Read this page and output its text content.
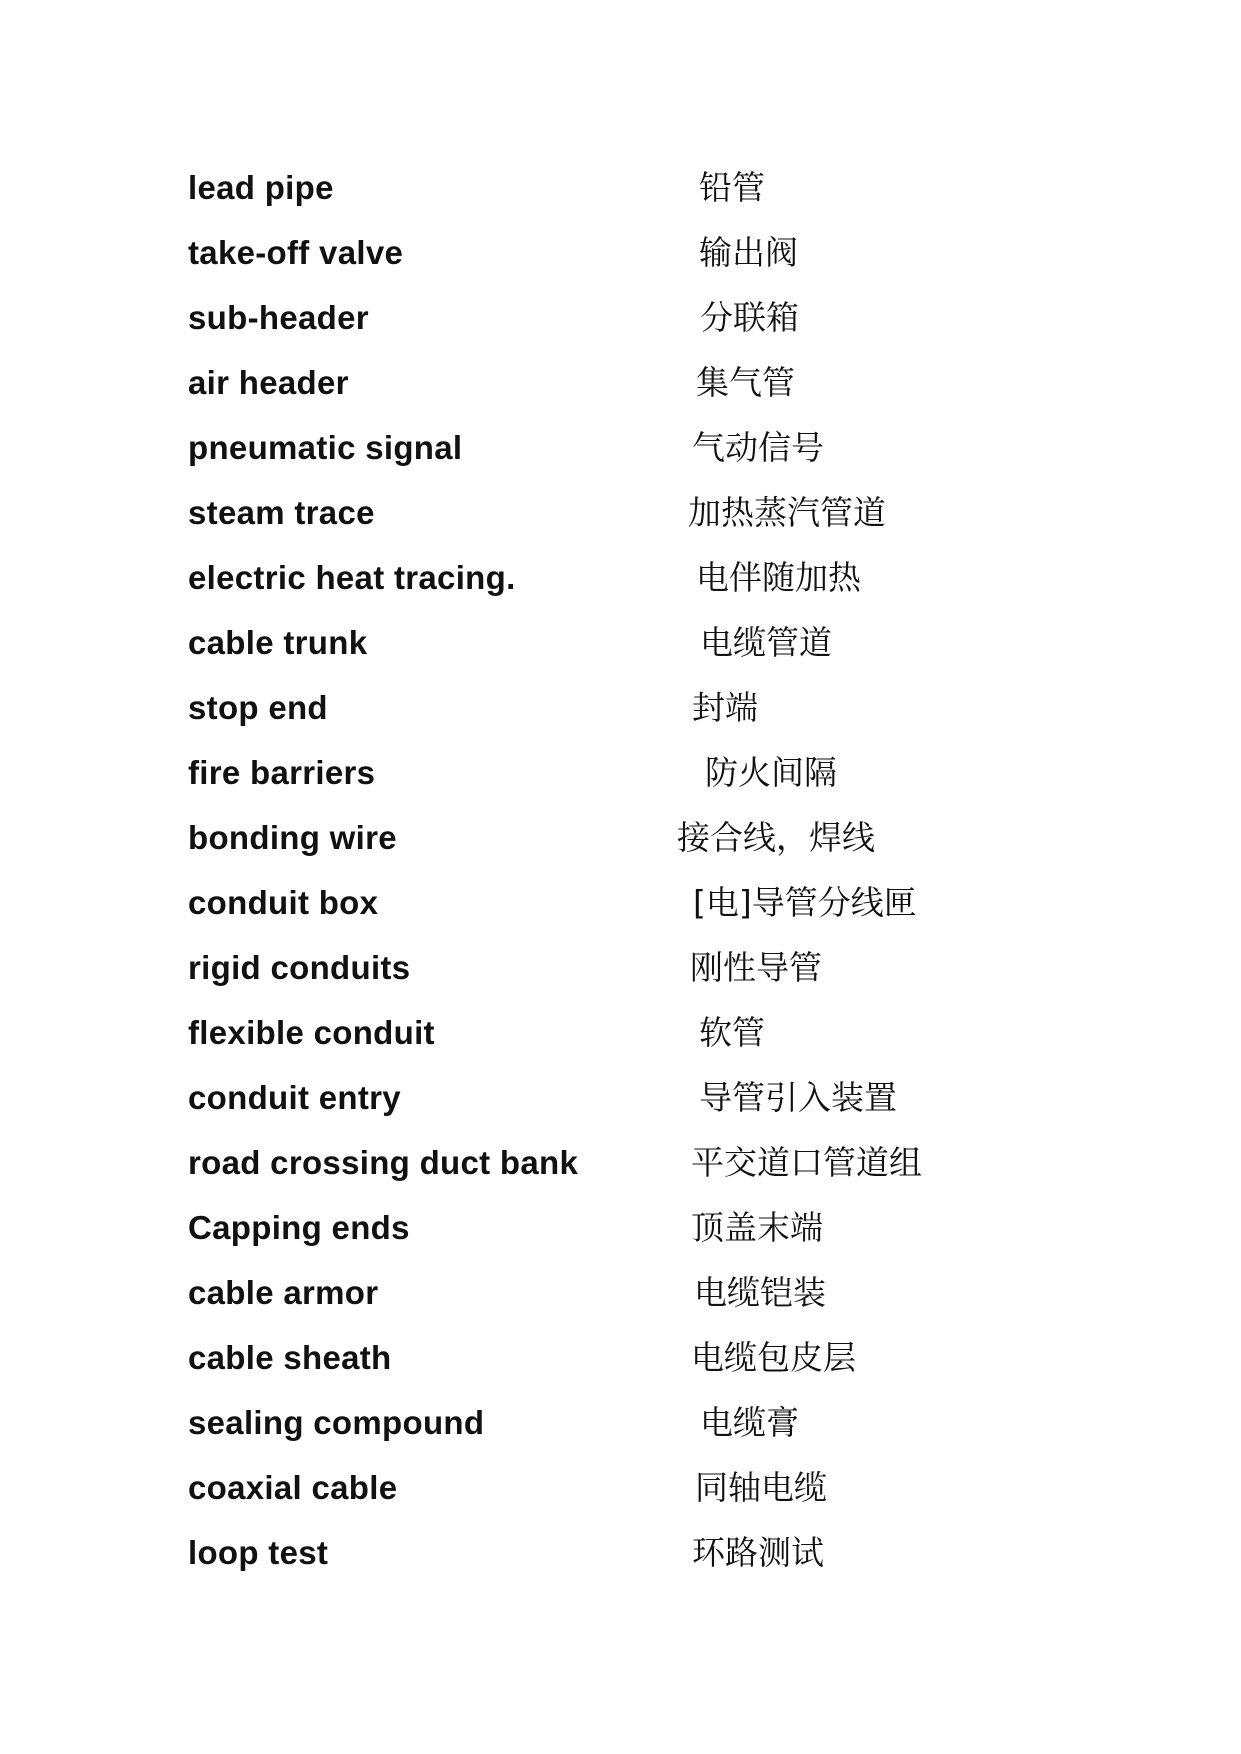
lead pipe	铅管
take-off valve	输出阀
sub-header	分联箱
air header	集气管
pneumatic signal	气动信号
steam trace	加热蒸汽管道
electric heat tracing.	电伴随加热
cable trunk	电缆管道
stop end	封端
fire barriers	防火间隔
bonding wire	接合线，焊线
conduit box	[电]导管分线匣
rigid conduits	刚性导管
flexible conduit	软管
conduit entry	导管引入装置
road crossing duct bank	平交道口管道组
Capping ends	顶盖末端
cable armor	电缆铠装
cable sheath	电缆包皮层
sealing compound	电缆膏
coaxial cable	同轴电缆
loop test	环路测试
